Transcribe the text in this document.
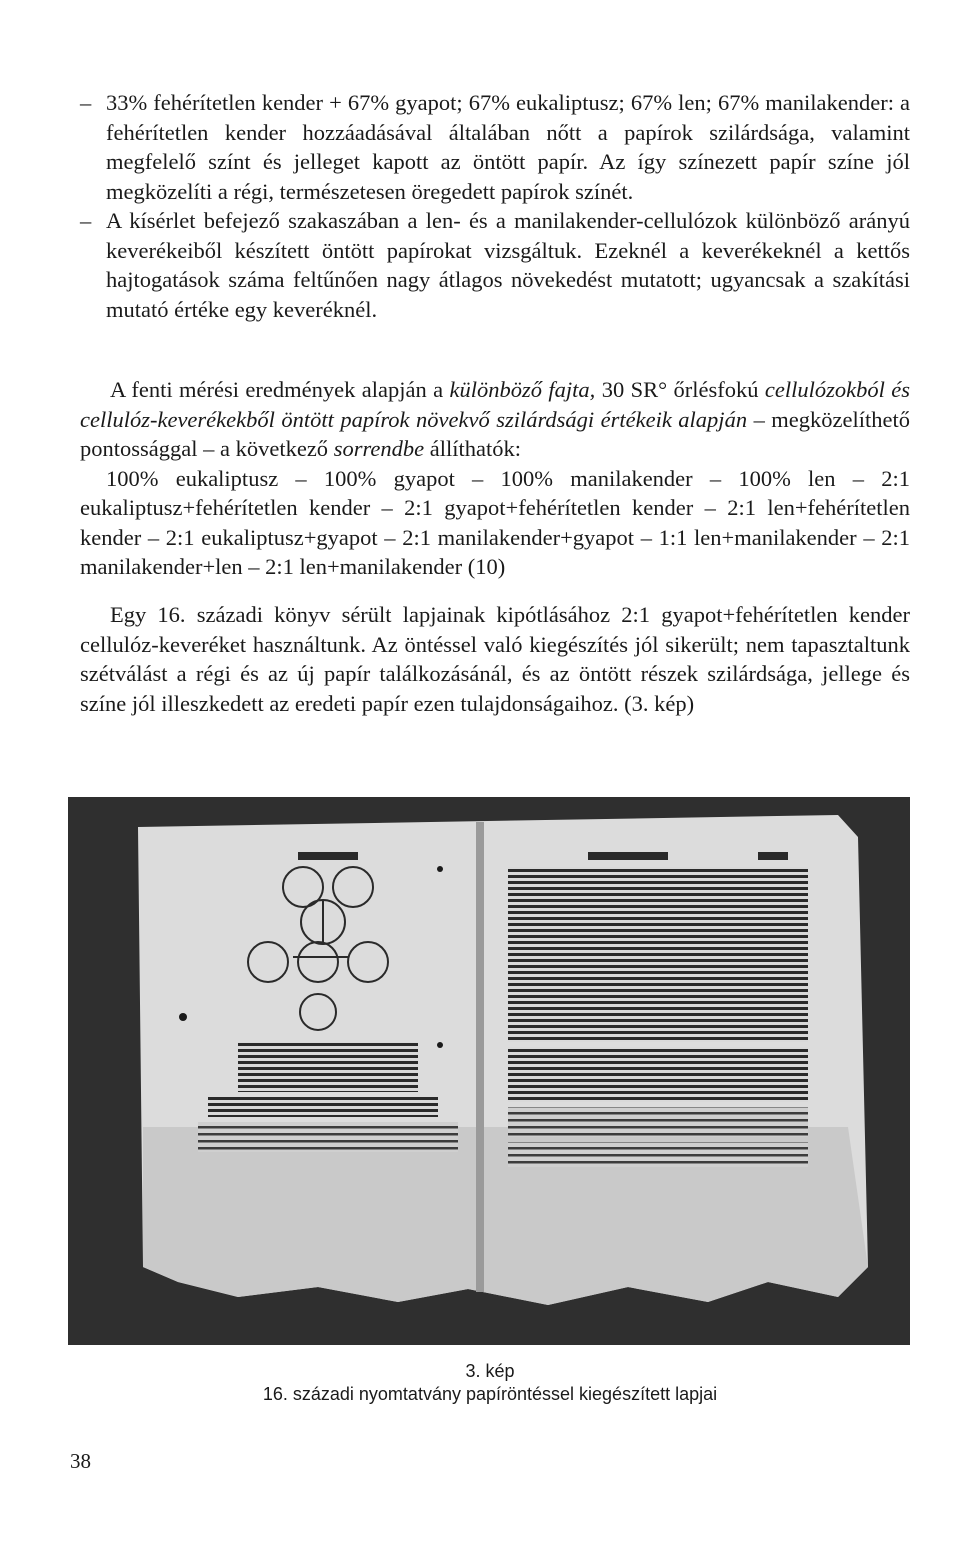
– 33% fehérítetlen kender + 67% gyapot; 67% eukaliptusz; 67% len; 67% manilakender: a fehérítetlen kender hozzáadásával általában nőtt a papírok szilárdsága, valamint megfelelő színt és jelleget kapott az öntött papír. Az így színezett papír színe jól megközelíti a régi, természetesen öregedett papírok színét.
– A kísérlet befejező szakaszában a len- és a manilakender-cellulózok különböző arányú keverékeiből készített öntött papírokat vizsgáltuk. Ezeknél a keverékeknél a kettős hajtogatások száma feltűnően nagy átlagos növekedést mutatott; ugyancsak a szakítási mutató értéke egy keveréknél.
A fenti mérési eredmények alapján a különböző fajta, 30 SR° őrlésfokú cellulózokból és cellulóz-keverékekből öntött papírok növekvő szilárdsági értékeik alapján – megközelíthető pontossággal – a következő sorrendbe állíthatók:
100% eukaliptusz – 100% gyapot – 100% manilakender – 100% len – 2:1 eukaliptusz+fehérítetlen kender – 2:1 gyapot+fehérítetlen kender – 2:1 len+fehérítetlen kender – 2:1 eukaliptusz+gyapot – 2:1 manilakender+gyapot – 1:1 len+manilakender – 2:1 manilakender+len – 2:1 len+manilakender (10)
Egy 16. századi könyv sérült lapjainak kipótlásához 2:1 gyapot+fehérítetlen kender cellulóz-keveréket használtunk. Az öntéssel való kiegészítés jól sikerült; nem tapasztaltunk szétválást a régi és az új papír találkozásánál, és az öntött részek szilárdsága, jellege és színe jól illeszkedett az eredeti papír ezen tulajdonságaihoz. (3. kép)
3. kép
16. századi nyomtatvány papíröntéssel kiegészített lapjai
38
